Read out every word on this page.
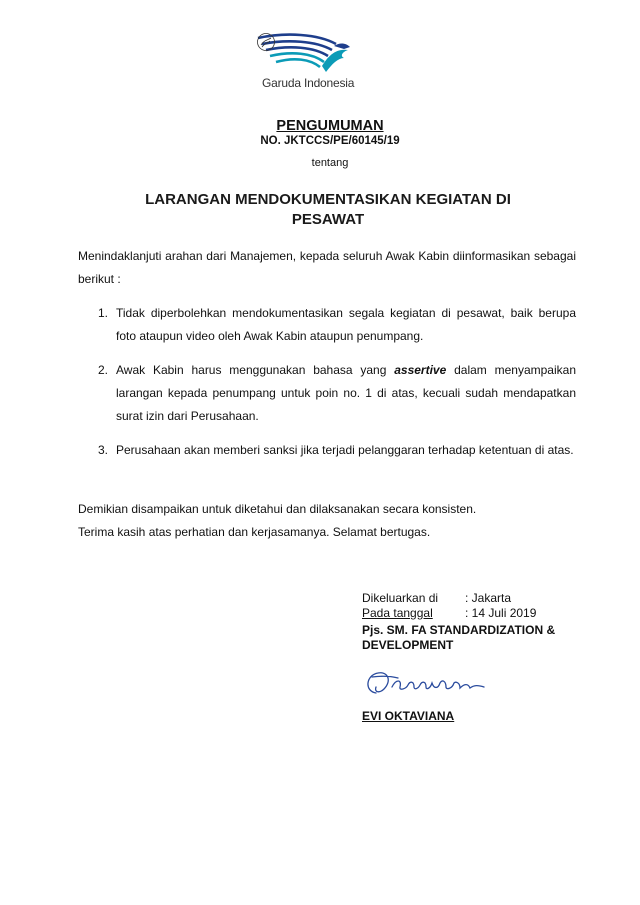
Garuda Indonesia
PENGUMUMAN
NO. JKTCCS/PE/60145/19
tentang
LARANGAN MENDOKUMENTASIKAN KEGIATAN DI PESAWAT
Menindaklanjuti arahan dari Manajemen, kepada seluruh Awak Kabin diinformasikan sebagai berikut :
1. Tidak diperbolehkan mendokumentasikan segala kegiatan di pesawat, baik berupa foto ataupun video oleh Awak Kabin ataupun penumpang.
2. Awak Kabin harus menggunakan bahasa yang assertive dalam menyampaikan larangan kepada penumpang untuk poin no. 1 di atas, kecuali sudah mendapatkan surat izin dari Perusahaan.
3. Perusahaan akan memberi sanksi jika terjadi pelanggaran terhadap ketentuan di atas.
Demikian disampaikan untuk diketahui dan dilaksanakan secara konsisten.
Terima kasih atas perhatian dan kerjasamanya. Selamat bertugas.
Dikeluarkan di : Jakarta
Pada tanggal	: 14 Juli 2019
Pjs. SM. FA STANDARDIZATION & DEVELOPMENT
EVI OKTAVIANA
